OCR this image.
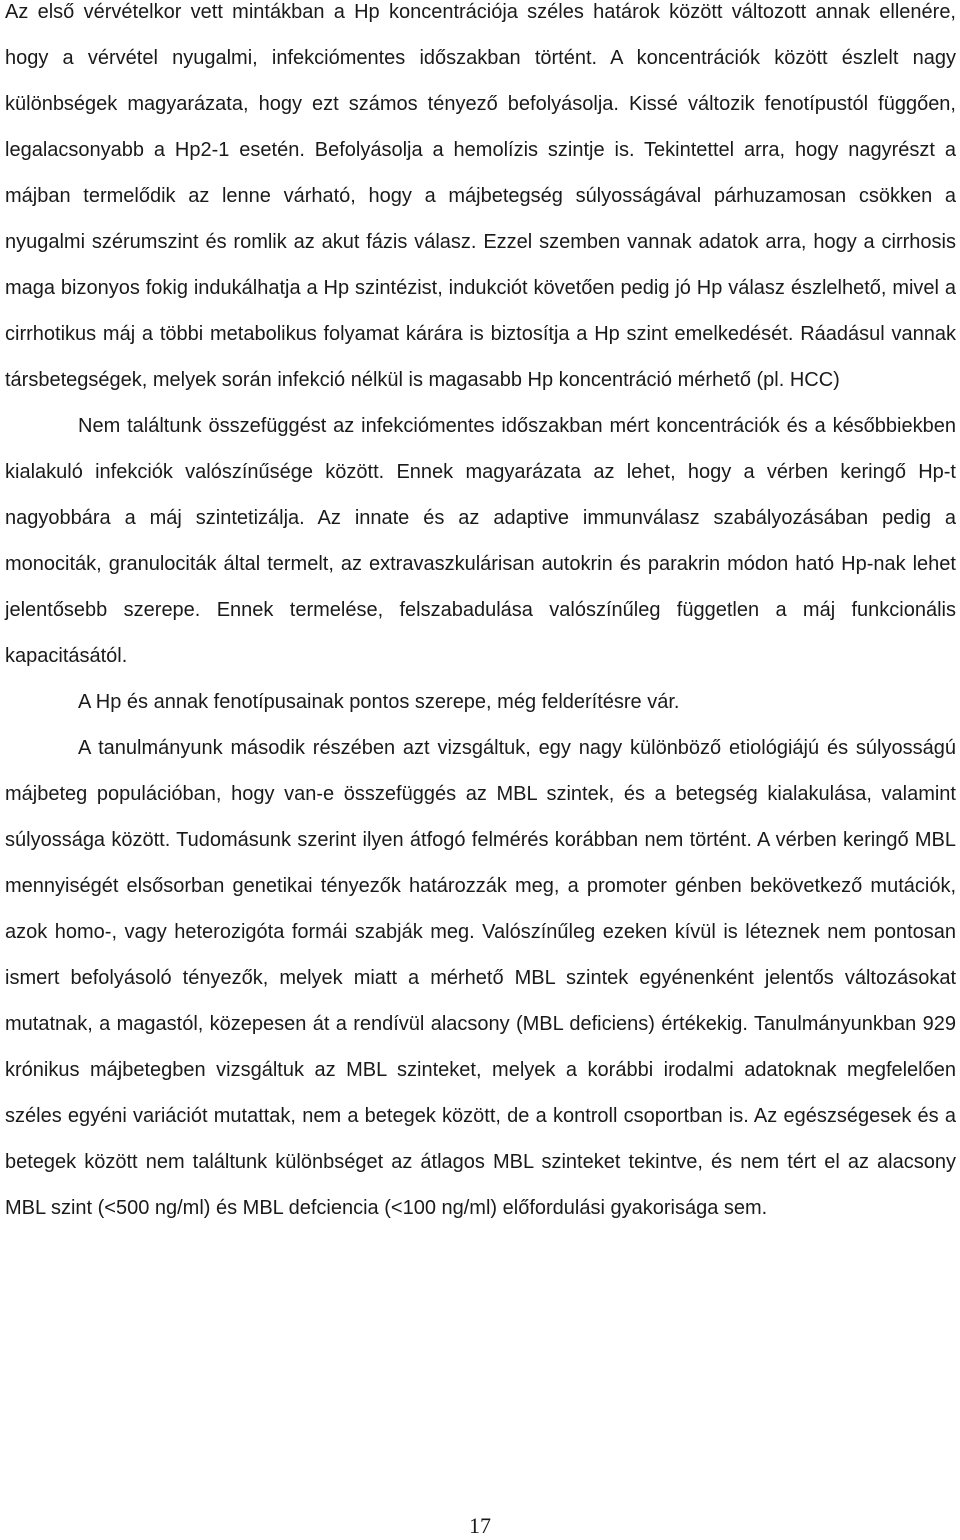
Az első vérvételkor vett mintákban a Hp koncentrációja széles határok között változott annak ellenére, hogy a vérvétel nyugalmi, infekciómentes időszakban történt. A koncentrációk között észlelt nagy különbségek magyarázata, hogy ezt számos tényező befolyásolja. Kissé változik fenotípustól függően, legalacsonyabb a Hp2-1 esetén. Befolyásolja a hemolízis szintje is. Tekintettel arra, hogy nagyrészt a májban termelődik az lenne várható, hogy a májbetegség súlyosságával párhuzamosan csökken a nyugalmi szérumszint és romlik az akut fázis válasz. Ezzel szemben vannak adatok arra, hogy a cirrhosis maga bizonyos fokig indukálhatja a Hp szintézist, indukciót követően pedig jó Hp válasz észlelhető, mivel a cirrhotikus máj a többi metabolikus folyamat kárára is biztosítja a Hp szint emelkedését. Ráadásul vannak társbetegségek, melyek során infekció nélkül is magasabb Hp koncentráció mérhető (pl. HCC)

Nem találtunk összefüggést az infekciómentes időszakban mért koncentrációk és a későbbiekben kialakuló infekciók valószínűsége között. Ennek magyarázata az lehet, hogy a vérben keringő Hp-t nagyobbára a máj szintetizálja. Az innate és az adaptive immunválasz szabályozásában pedig a monociták, granulociták által termelt, az extravaszkulárisan autokrin és parakrin módon ható Hp-nak lehet jelentősebb szerepe. Ennek termelése, felszabadulása valószínűleg független a máj funkcionális kapacitásától.

A Hp és annak fenotípusainak pontos szerepe, még felderítésre vár.

A tanulmányunk második részében azt vizsgáltuk, egy nagy különböző etiológiájú és súlyosságú májbeteg populációban, hogy van-e összefüggés az MBL szintek, és a betegség kialakulása, valamint súlyossága között. Tudomásunk szerint ilyen átfogó felmérés korábban nem történt. A vérben keringő MBL mennyiségét elsősorban genetikai tényezők határozzák meg, a promoter génben bekövetkező mutációk, azok homo-, vagy heterozigóta formái szabják meg. Valószínűleg ezeken kívül is léteznek nem pontosan ismert befolyásoló tényezők, melyek miatt a mérhető MBL szintek egyénenként jelentős változásokat mutatnak, a magastól, közepesen át a rendívül alacsony (MBL deficiens) értékekig. Tanulmányunkban 929 krónikus májbetegben vizsgáltuk az MBL szinteket, melyek a korábbi irodalmi adatoknak megfelelően széles egyéni variációt mutattak, nem a betegek között, de a kontroll csoportban is. Az egészségesek és a betegek között nem találtunk különbséget az átlagos MBL szinteket tekintve, és nem tért el az alacsony MBL szint (<500 ng/ml) és MBL defciencia (<100 ng/ml) előfordulási gyakorisága sem.

17
